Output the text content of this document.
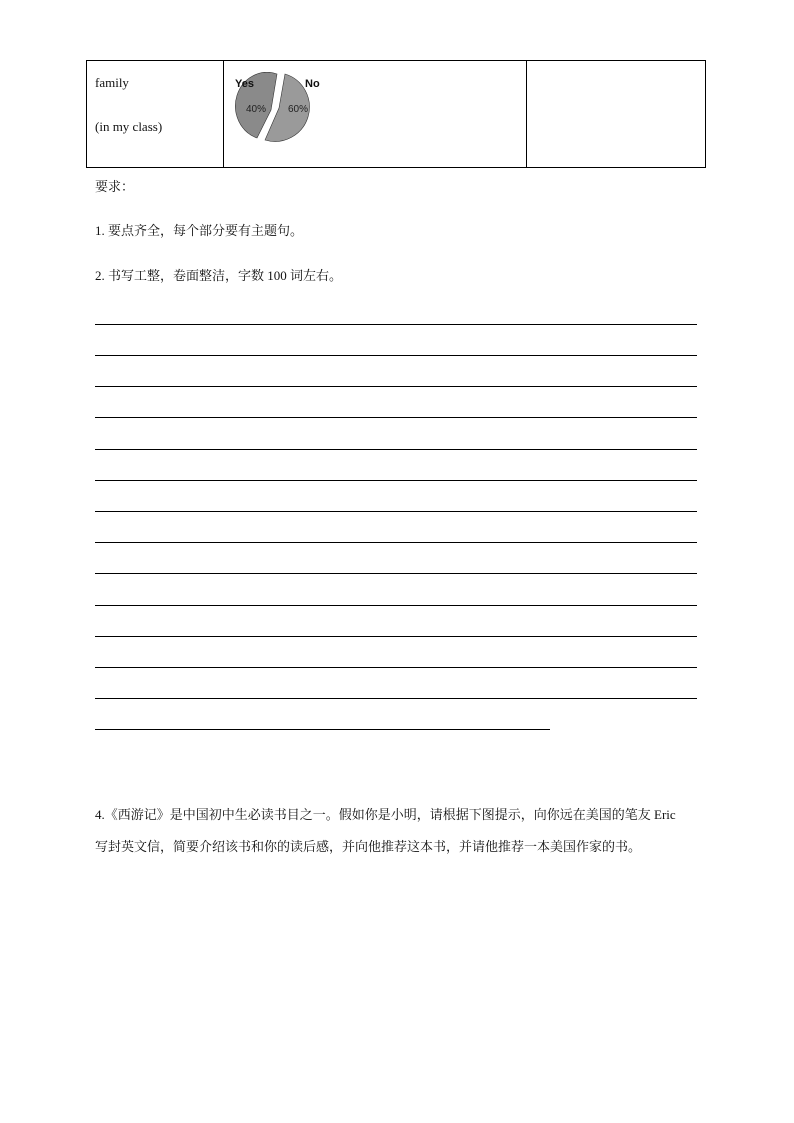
family
(in my class)
Yes	No
40% 60%
要求：
1. 要点齐全，每个部分要有主题句。
2. 书写工整，卷面整洁，字数 100 词左右。
4.《西游记》是中国初中生必读书目之一。假如你是小明，请根据下图提示，向你远在美国的笔友 Eric
写封英文信，简要介绍该书和你的读后感，并向他推荐这本书，并请他推荐一本美国作家的书。
